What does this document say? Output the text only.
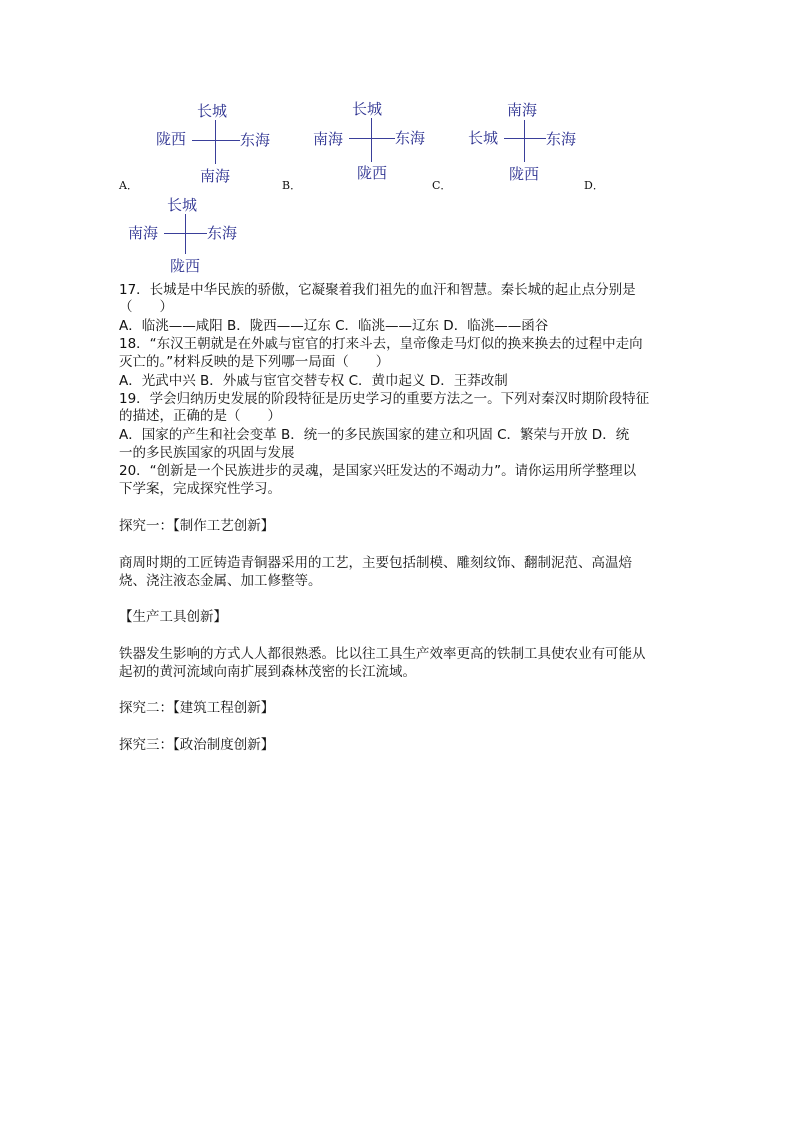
长城
陇西	东海
南海
长城
南海	东海
陇西
南海
长城	东海
陇西
长城
南海	东海
陇西
A．	B．	C．	D．
17．长城是中华民族的骄傲，它凝聚着我们祖先的血汗和智慧。秦长城的起止点分别是
（　　）
A．临洮——咸阳 B．陇西——辽东 C．临洮——辽东 D．临洮——函谷
18．“东汉王朝就是在外戚与宦官的打来斗去，皇帝像走马灯似的换来换去的过程中走向
灭亡的。”材料反映的是下列哪一局面（　　）
A．光武中兴 B．外戚与宦官交替专权 C．黄巾起义 D．王莽改制
19．学会归纳历史发展的阶段特征是历史学习的重要方法之一。下列对秦汉时期阶段特征
的描述，正确的是（　　）
A．国家的产生和社会变革 B．统一的多民族国家的建立和巩固 C．繁荣与开放 D．统
一的多民族国家的巩固与发展
20．“创新是一个民族进步的灵魂，是国家兴旺发达的不竭动力”。请你运用所学整理以
下学案，完成探究性学习。
探究一：【制作工艺创新】
商周时期的工匠铸造青铜器采用的工艺，主要包括制模、雕刻纹饰、翻制泥范、高温焙
烧、浇注液态金属、加工修整等。
【生产工具创新】
铁器发生影响的方式人人都很熟悉。比以往工具生产效率更高的铁制工具使农业有可能从
起初的黄河流域向南扩展到森林茂密的长江流域。
探究二：【建筑工程创新】
探究三：【政治制度创新】
